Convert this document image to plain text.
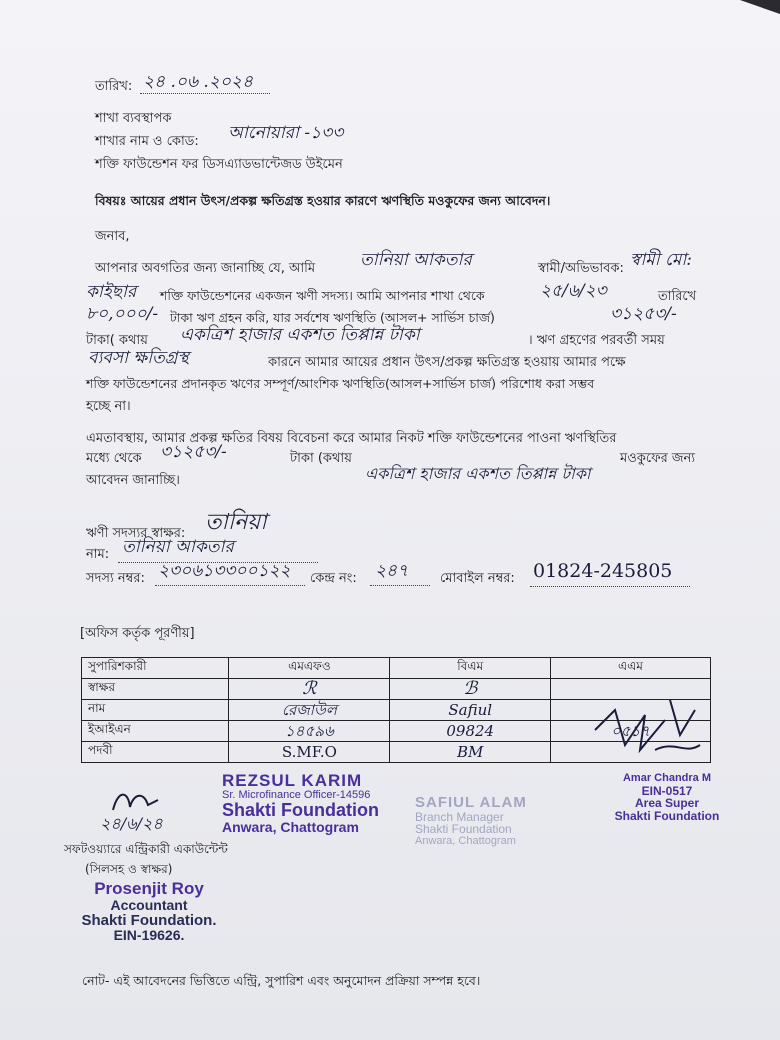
তারিখ: ২৪ .০৬ .২০২৪
শাখা ব্যবস্থাপক
শাখার নাম ও কোড: আনোয়ারা -১৩৩
শক্তি ফাউন্ডেশন ফর ডিসএ্যাডভান্টেজড উইমেন
বিষয়ঃ আয়ের প্রধান উৎস/প্রকল্প ক্ষতিগ্রস্ত হওয়ার কারণে ঋণস্থিতি মওকুফের জন্য আবেদন।
জনাব,
আপনার অবগতির জন্য জানাচ্ছি যে, আমি	তানিয়া আকতার	স্বামী/অভিভাবক: স্বামী মো:
কাইছার শক্তি ফাউন্ডেশনের একজন ঋণী সদস্য। আমি আপনার শাখা থেকে	২৫/৬/২৩	তারিখে
৮০,০০০/- টাকা ঋণ গ্রহন করি, যার সর্বশেষ ঋণস্থিতি (আসল+ সার্ভিস চার্জ)	৩১২৫৩/-
টাকা( কথায় একত্রিশ হাজার একশত তিপ্পান্ন টাকা	। ঋণ গ্রহণের পরবর্তী সময়
ব্যবসা ক্ষতিগ্রস্থ	কারনে আমার আয়ের প্রধান উৎস/প্রকল্প ক্ষতিগ্রস্ত হওয়ায় আমার পক্ষে
শক্তি ফাউন্ডেশনের প্রদানকৃত ঋণের সম্পূর্ণ/আংশিক ঋণস্থিতি(আসল+সার্ভিস চার্জ) পরিশোধ করা সম্ভব
হচ্ছে না।
এমতাবস্থায়, আমার প্রকল্প ক্ষতির বিষয় বিবেচনা করে আমার নিকট শক্তি ফাউন্ডেশনের পাওনা ঋণস্থিতির
মধ্যে থেকে ৩১২৫৩/-	টাকা (কথায়
একত্রিশ হাজার একশত তিপ্পান্ন টাকা
মওকুফের জন্য
আবেদন জানাচ্ছি।
ঋণী সদস্যর স্বাক্ষর: তানিয়া
নাম: তানিয়া আকতার
সদস্য নম্বর: ২৩০৬১৩৩০০১২২ কেন্দ্র নং: ২৪৭ মোবাইল নম্বর: 01824-245805
[অফিস কর্তৃক পূরণীয়]
সুপারিশকারী	এমএফও	বিএম	এএম
স্বাক্ষর	ℛ	ℬ	
নাম	রেজাউল	Safiul	
ইআইএন	১৪৫৯৬	09824	০৫১৭
পদবী	S.MF.O	BM	
REZSUL KARIM
Sr. Microfinance Officer-14596
Shakti Foundation
Anwara, Chattogram
SAFIUL ALAM
Branch Manager
Shakti Foundation
Anwara, Chattogram
Amar Chandra M
EIN-0517
Area Super
Shakti Foundation
২৪/৬/২৪
সফটওয়্যারে এন্ট্রিকারী একাউন্টেন্ট
(সিলসহ ও স্বাক্ষর)
Prosenjit Roy
Accountant
Shakti Foundation.
EIN-19626.
নোট- এই আবেদনের ভিত্তিতে এন্ট্রি, সুপারিশ এবং অনুমোদন প্রক্রিয়া সম্পন্ন হবে।
